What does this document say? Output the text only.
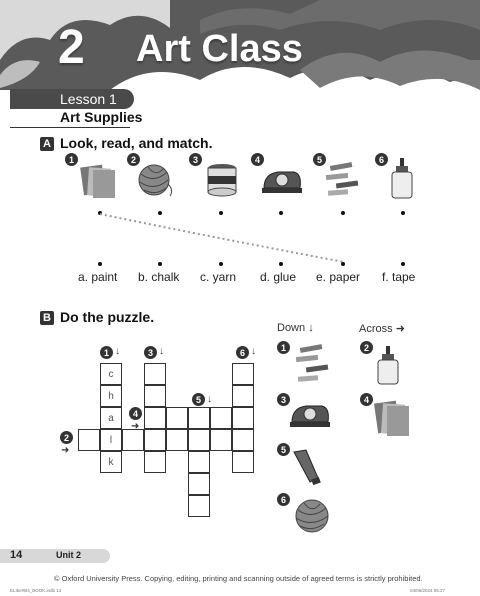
2 Art Class
Lesson 1
Art Supplies
A Look, read, and match.
1	2	3	4	5	6
a. paint b. chalk c. yarn d. glue e. paper f. tape
B Do the puzzle.
c
h
a
l
k
1 ↓	3 ↓	6 ↓
4
➜
5 ↓
2
➜
Down ↓	Across ➜
1
3
5
6
2
4
14	Unit 2
© Oxford University Press. Copying, editing, printing and scanning outside of agreed terms is strictly prohibited.
ELIbe#B4_BOOK.indb 14	04/06/2024 05:27
